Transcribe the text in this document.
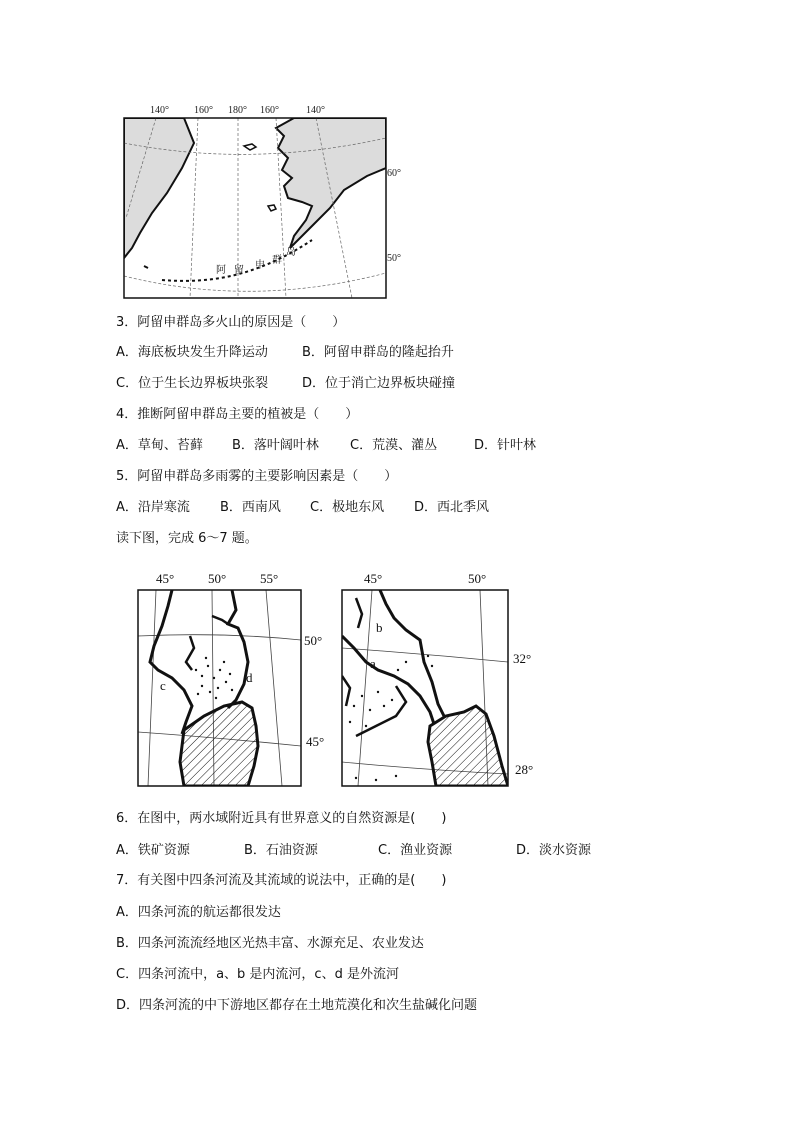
140°	160° 180° 160°	140°
60°
50°
阿 留 申 群
岛
3．阿留申群岛多火山的原因是（　　）
A．海底板块发生升降运动	B．阿留申群岛的隆起抬升
C．位于生长边界板块张裂	D．位于消亡边界板块碰撞
4．推断阿留申群岛主要的植被是（　　）
A．草甸、苔藓 B．落叶阔叶林 C．荒漠、灌丛	D．针叶林
5．阿留申群岛多雨雾的主要影响因素是（　　）
A．沿岸寒流 B．西南风 C．极地东风 D．西北季风
读下图，完成 6～7 题。
45°	50°	55°
50°
45°
c
d
45°	50°
32°
28°
b
a
6．在图中，两水域附近具有世界意义的自然资源是(　　)
A．铁矿资源	B．石油资源	C．渔业资源	D．淡水资源
7．有关图中四条河流及其流域的说法中，正确的是(　　)
A．四条河流的航运都很发达
B．四条河流流经地区光热丰富、水源充足、农业发达
C．四条河流中，a、b 是内流河，c、d 是外流河
D．四条河流的中下游地区都存在土地荒漠化和次生盐碱化问题
